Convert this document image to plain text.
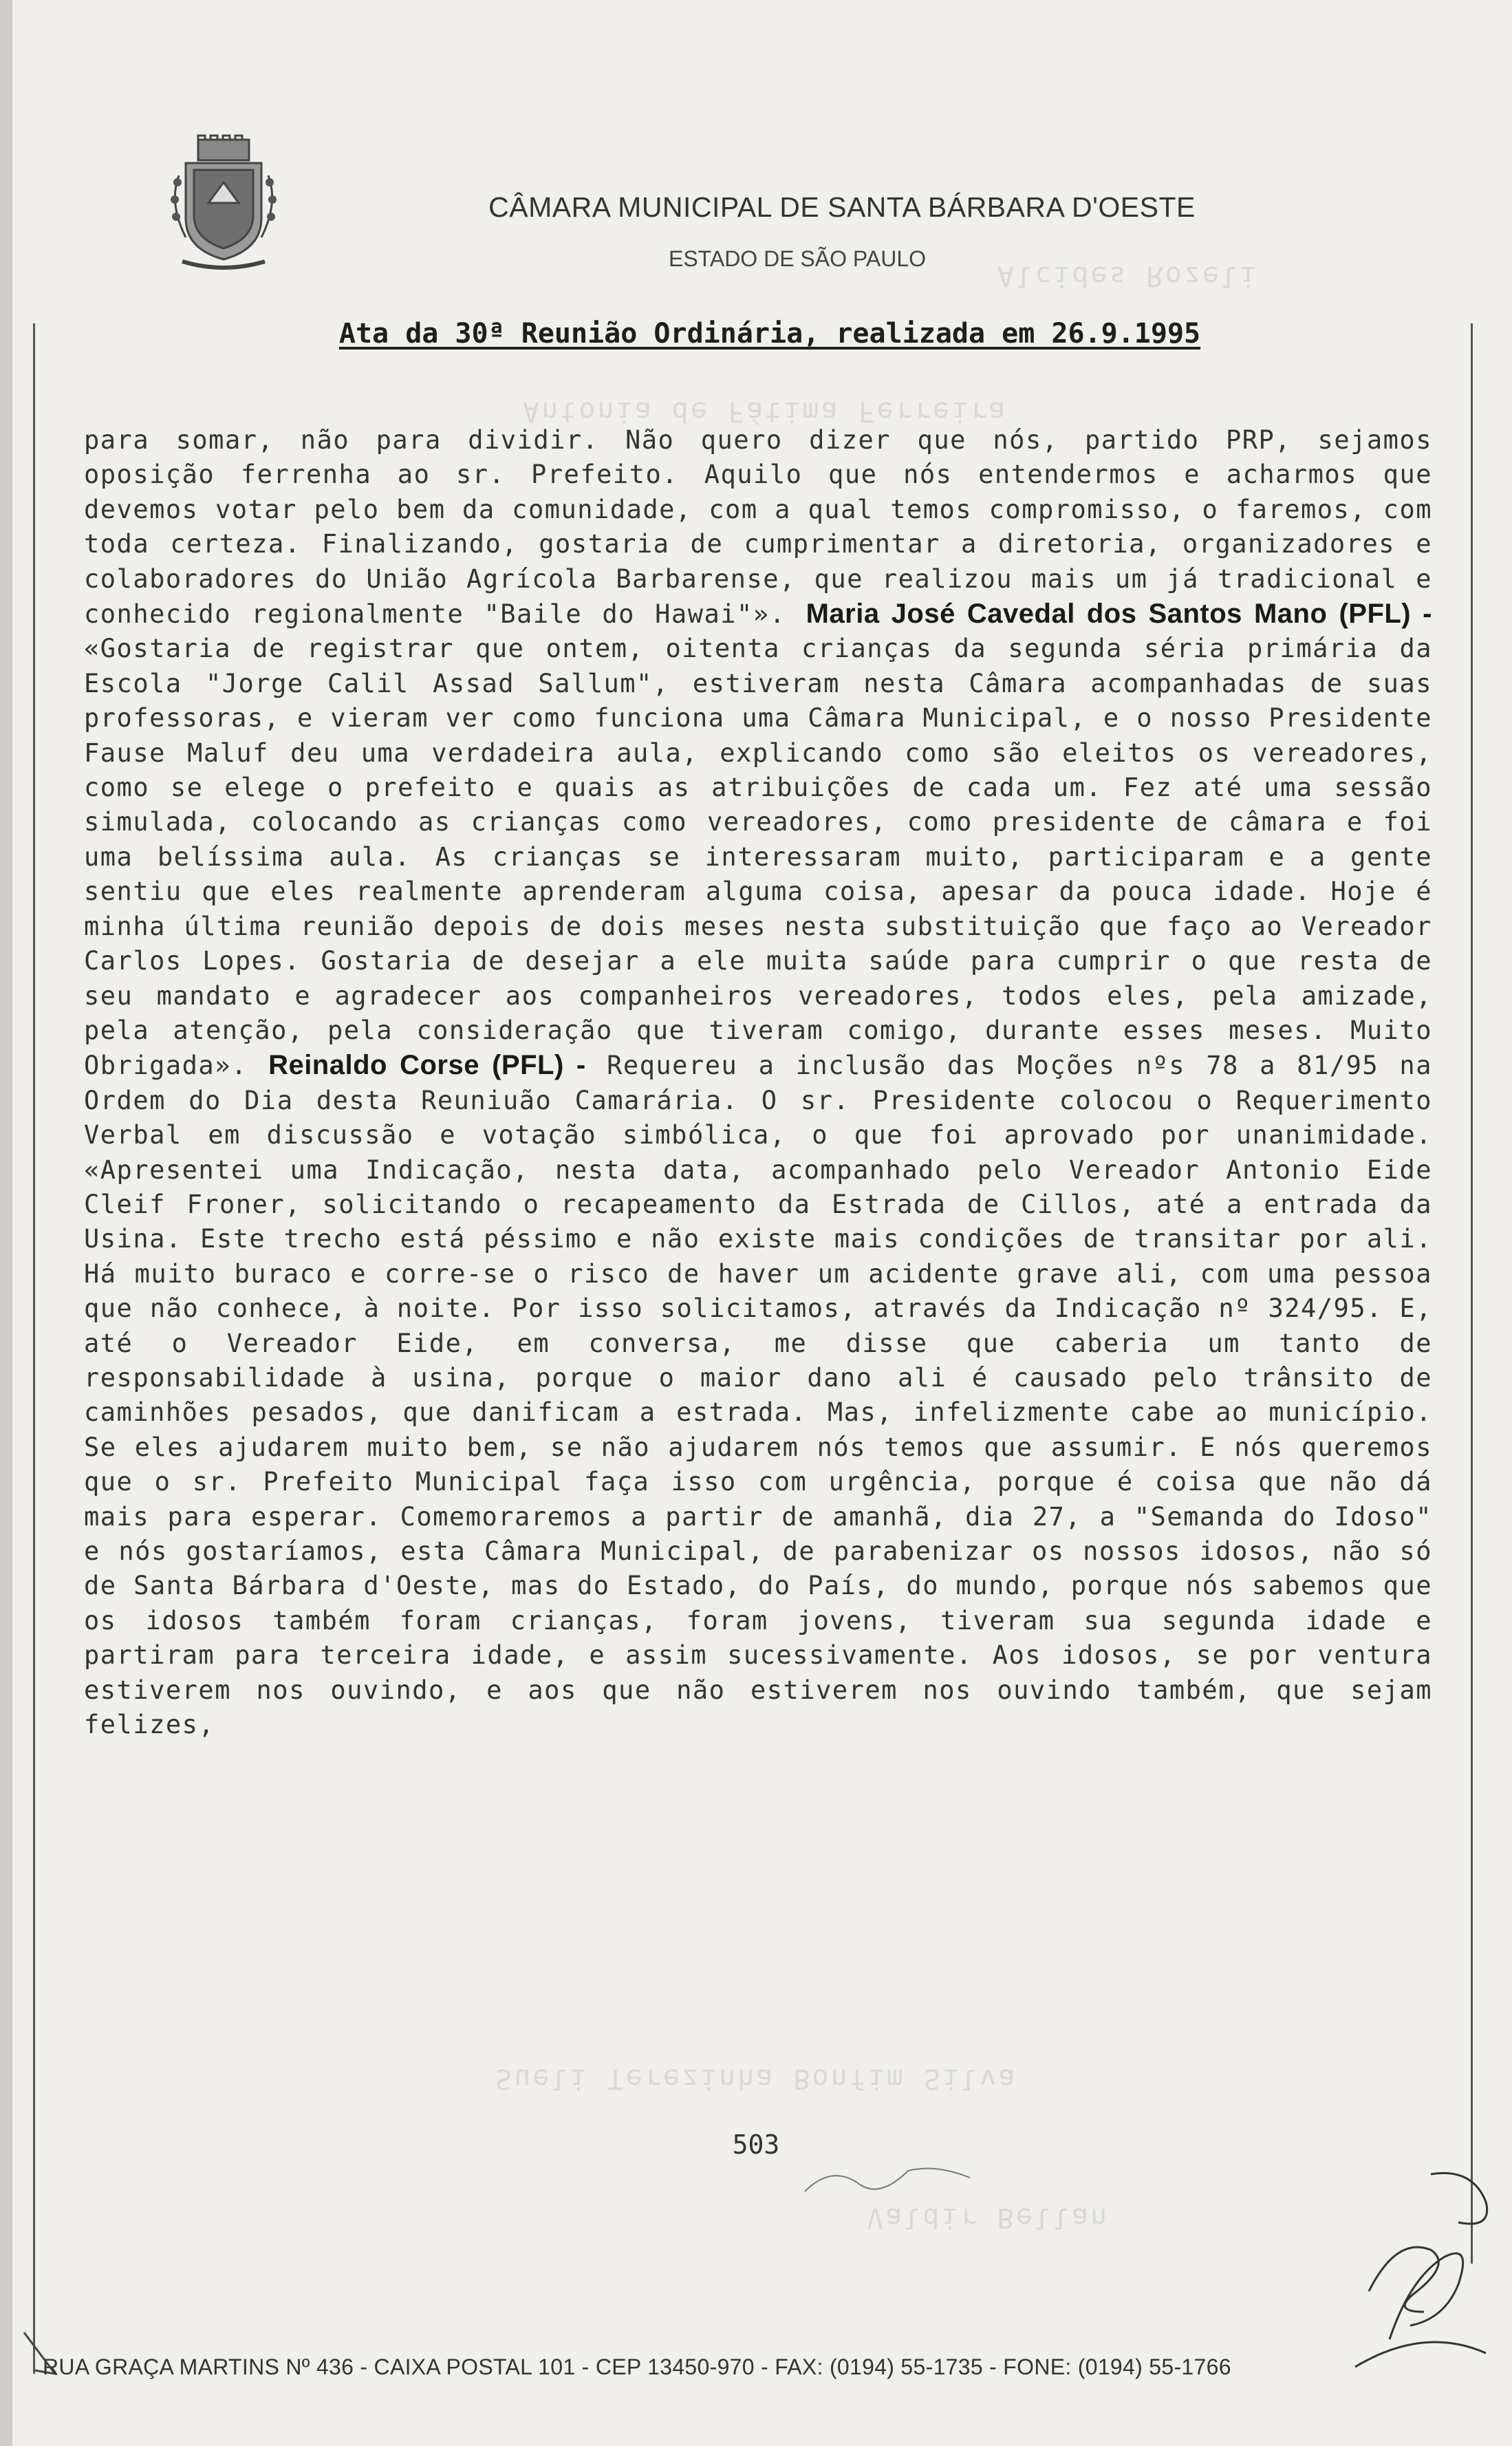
Alcides Rozeli
Antonia de Fátima Ferreira
Sueli Terezinha Bonfim Silva
Valdir Bellan
CÂMARA MUNICIPAL DE SANTA BÁRBARA D'OESTE
ESTADO DE SÃO PAULO
Ata da 30ª Reunião Ordinária, realizada em 26.9.1995

para somar, não para dividir. Não quero dizer que nós, partido PRP, sejamos oposição ferrenha ao sr. Prefeito. Aquilo que nós entendermos e acharmos que devemos votar pelo bem da comunidade, com a qual temos compromisso, o faremos, com toda certeza. Finalizando, gostaria de cumprimentar a diretoria, organizadores e colaboradores do União Agrícola Barbarense, que realizou mais um já tradicional e conhecido regionalmente "Baile do Hawai"». Maria José Cavedal dos Santos Mano (PFL) - «Gostaria de registrar que ontem, oitenta crianças da segunda séria primária da Escola "Jorge Calil Assad Sallum", estiveram nesta Câmara acompanhadas de suas professoras, e vieram ver como funciona uma Câmara Municipal, e o nosso Presidente Fause Maluf deu uma verdadeira aula, explicando como são eleitos os vereadores, como se elege o prefeito e quais as atribuições de cada um. Fez até uma sessão simulada, colocando as crianças como vereadores, como presidente de câmara e foi uma belíssima aula. As crianças se interessaram muito, participaram e a gente sentiu que eles realmente aprenderam alguma coisa, apesar da pouca idade. Hoje é minha última reunião depois de dois meses nesta substituição que faço ao Vereador Carlos Lopes. Gostaria de desejar a ele muita saúde para cumprir o que resta de seu mandato e agradecer aos companheiros vereadores, todos eles, pela amizade, pela atenção, pela consideração que tiveram comigo, durante esses meses. Muito Obrigada». Reinaldo Corse (PFL) - Requereu a inclusão das Moções nºs 78 a 81/95 na Ordem do Dia desta Reuniuão Camarária. O sr. Presidente colocou o Requerimento Verbal em discussão e votação simbólica, o que foi aprovado por unanimidade. «Apresentei uma Indicação, nesta data, acompanhado pelo Vereador Antonio Eide Cleif Froner, solicitando o recapeamento da Estrada de Cillos, até a entrada da Usina. Este trecho está péssimo e não existe mais condições de transitar por ali. Há muito buraco e corre-se o risco de haver um acidente grave ali, com uma pessoa que não conhece, à noite. Por isso solicitamos, através da Indicação nº 324/95. E, até o Vereador Eide, em conversa, me disse que caberia um tanto de responsabilidade à usina, porque o maior dano ali é causado pelo trânsito de caminhões pesados, que danificam a estrada. Mas, infelizmente cabe ao município. Se eles ajudarem muito bem, se não ajudarem nós temos que assumir. E nós queremos que o sr. Prefeito Municipal faça isso com urgência, porque é coisa que não dá mais para esperar. Comemoraremos a partir de amanhã, dia 27, a "Semanda do Idoso" e nós gostaríamos, esta Câmara Municipal, de parabenizar os nossos idosos, não só de Santa Bárbara d'Oeste, mas do Estado, do País, do mundo, porque nós sabemos que os idosos também foram crianças, foram jovens, tiveram sua segunda idade e partiram para terceira idade, e assim sucessivamente. Aos idosos, se por ventura estiverem nos ouvindo, e aos que não estiverem nos ouvindo também, que sejam felizes,

503
RUA GRAÇA MARTINS Nº 436 - CAIXA POSTAL 101 - CEP 13450-970 - FAX: (0194) 55-1735 - FONE: (0194) 55-1766
